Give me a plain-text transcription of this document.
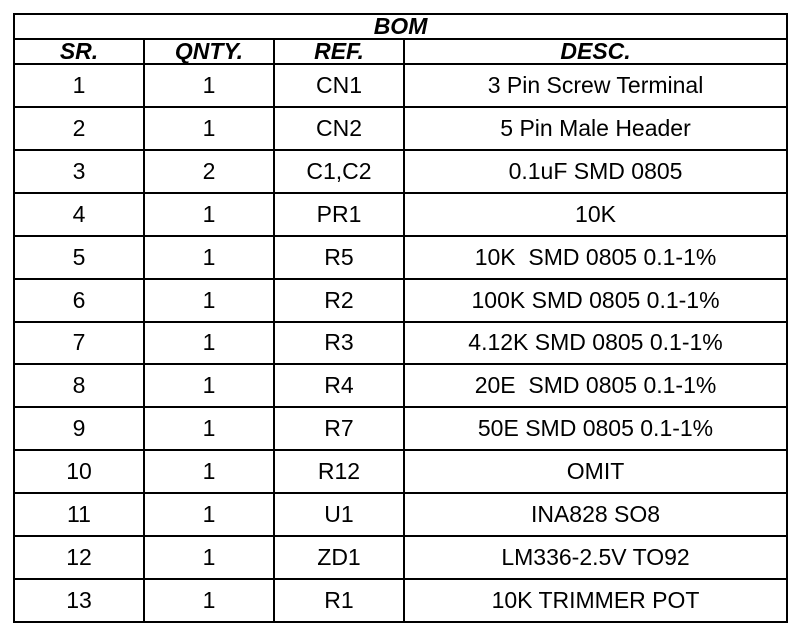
BOM			
SR.	QNTY.	REF.	DESC.
1	1	CN1	3 Pin Screw Terminal
2	1	CN2	5 Pin Male Header
3	2	C1,C2	0.1uF SMD 0805
4	1	PR1	10K
5	1	R5	10K  SMD 0805 0.1-1%
6	1	R2	100K SMD 0805 0.1-1%
7	1	R3	4.12K SMD 0805 0.1-1%
8	1	R4	20E  SMD 0805 0.1-1%
9	1	R7	50E SMD 0805 0.1-1%
10	1	R12	OMIT
11	1	U1	INA828 SO8
12	1	ZD1	LM336-2.5V TO92
13	1	R1	10K TRIMMER POT
